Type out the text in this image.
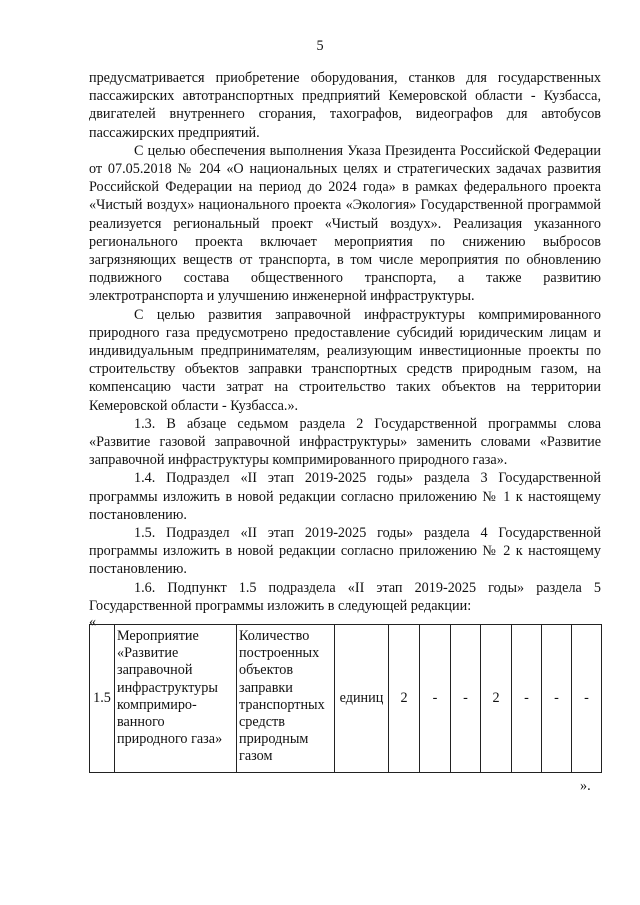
5

предусматривается приобретение оборудования, станков для государственных пассажирских автотранспортных предприятий Кемеровской области - Кузбасса, двигателей внутреннего сгорания, тахографов, видеографов для автобусов пассажирских предприятий.

С целью обеспечения выполнения Указа Президента Российской Федерации от 07.05.2018 № 204 «О национальных целях и стратегических задачах развития Российской Федерации на период до 2024 года» в рамках федерального проекта «Чистый воздух» национального проекта «Экология» Государственной программой реализуется региональный проект «Чистый воздух». Реализация указанного регионального проекта включает мероприятия по снижению выбросов загрязняющих веществ от транспорта, в том числе мероприятия по обновлению подвижного состава общественного транспорта, а также развитию электротранспорта и улучшению инженерной инфраструктуры.

С целью развития заправочной инфраструктуры компримированного природного газа предусмотрено предоставление субсидий юридическим лицам и индивидуальным предпринимателям, реализующим инвестиционные проекты по строительству объектов заправки транспортных средств природным газом, на компенсацию части затрат на строительство таких объектов на территории Кемеровской области - Кузбасса.».

1.3. В абзаце седьмом раздела 2 Государственной программы слова «Развитие газовой заправочной инфраструктуры» заменить словами «Развитие заправочной инфраструктуры компримированного природного газа».

1.4. Подраздел «II этап 2019-2025 годы» раздела 3 Государственной программы изложить в новой редакции согласно приложению № 1 к настоящему постановлению.

1.5. Подраздел «II этап 2019-2025 годы» раздела 4 Государственной программы изложить в новой редакции согласно приложению № 2 к настоящему постановлению.

1.6. Подпункт 1.5 подраздела «II этап 2019-2025 годы» раздела 5 Государственной программы изложить в следующей редакции:

«

1.5	Мероприятие «Развитие заправочной инфраструктуры компримиро-ванного природного газа»	Количество построенных объектов заправки транспортных средств природным газом	единиц	2	-	-	2	-	-	-
».
